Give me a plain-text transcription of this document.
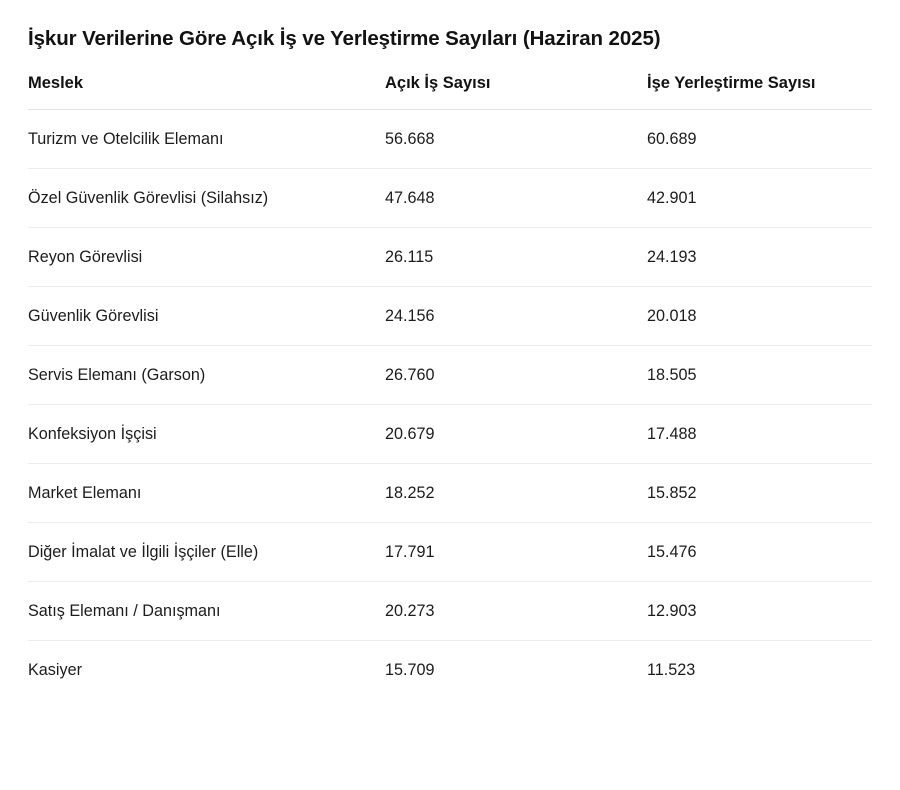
İşkur Verilerine Göre Açık İş ve Yerleştirme Sayıları (Haziran 2025)
Meslek	Açık İş Sayısı	İşe Yerleştirme Sayısı
Turizm ve Otelcilik Elemanı	56.668	60.689
Özel Güvenlik Görevlisi (Silahsız)	47.648	42.901
Reyon Görevlisi	26.115	24.193
Güvenlik Görevlisi	24.156	20.018
Servis Elemanı (Garson)	26.760	18.505
Konfeksiyon İşçisi	20.679	17.488
Market Elemanı	18.252	15.852
Diğer İmalat ve İlgili İşçiler (Elle)	17.791	15.476
Satış Elemanı / Danışmanı	20.273	12.903
Kasiyer	15.709	11.523
